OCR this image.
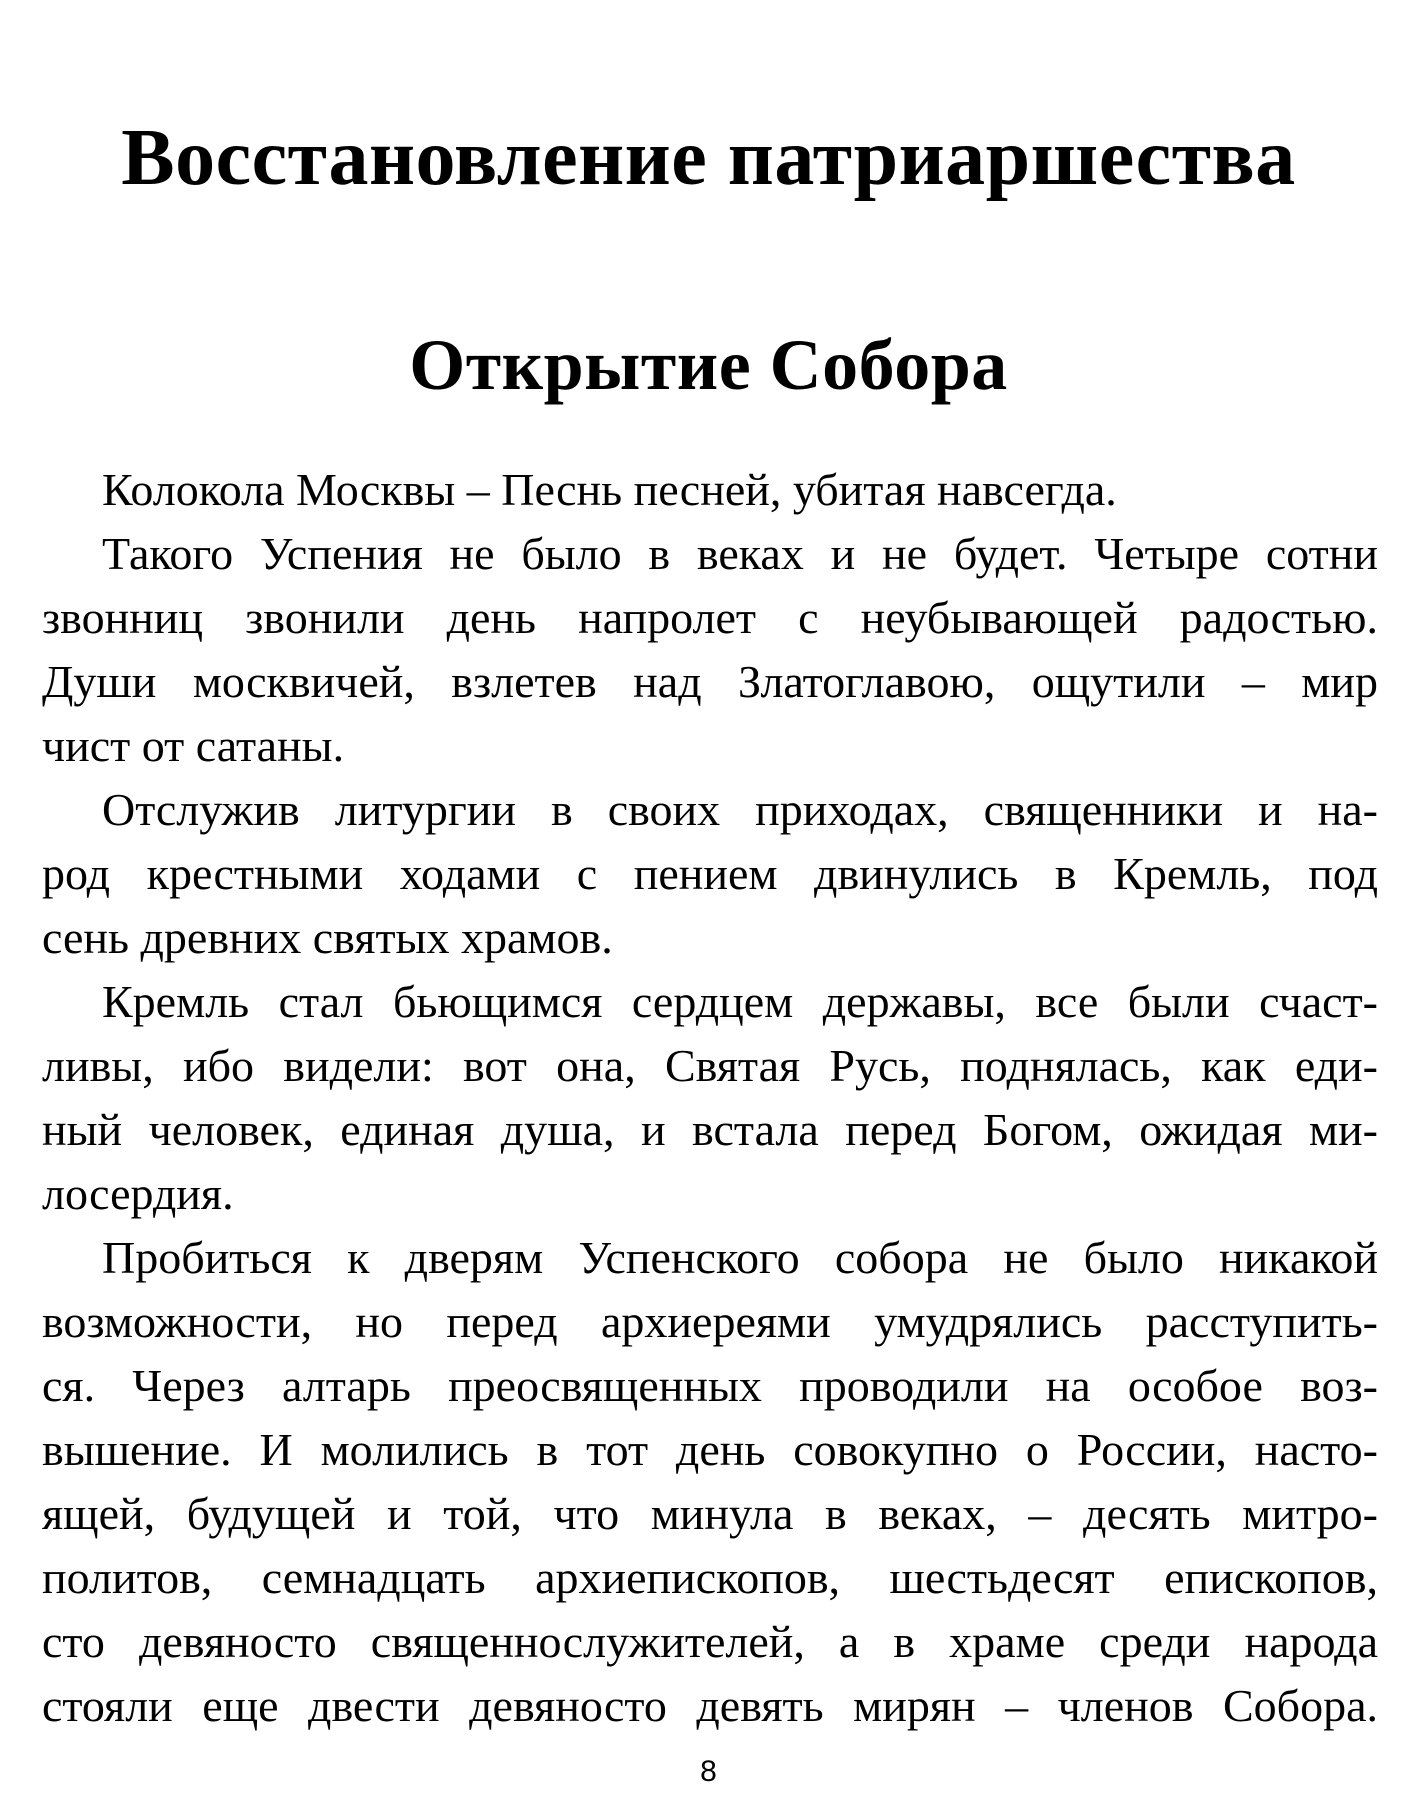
Восстановление патриаршества
Открытие Собора
Колокола Москвы – Песнь песней, убитая навсегда.
Такого Успения не было в веках и не будет. Четыре сотни
звонниц звонили день напролет с неубывающей радостью.
Души москвичей, взлетев над Златоглавою, ощутили – мир
чист от сатаны.
Отслужив литургии в своих приходах, священники и на-
род крестными ходами с пением двинулись в Кремль, под
сень древних святых храмов.
Кремль стал бьющимся сердцем державы, все были счаст-
ливы, ибо видели: вот она, Святая Русь, поднялась, как еди-
ный человек, единая душа, и встала перед Богом, ожидая ми-
лосердия.
Пробиться к дверям Успенского собора не было никакой
возможности, но перед архиереями умудрялись расступить-
ся. Через алтарь преосвященных проводили на особое воз-
вышение. И молились в тот день совокупно о России, насто-
ящей, будущей и той, что минула в веках, – десять митро-
политов, семнадцать архиепископов, шестьдесят епископов,
сто девяносто священнослужителей, а в храме среди народа
стояли еще двести девяносто девять мирян – членов Собора.
8
